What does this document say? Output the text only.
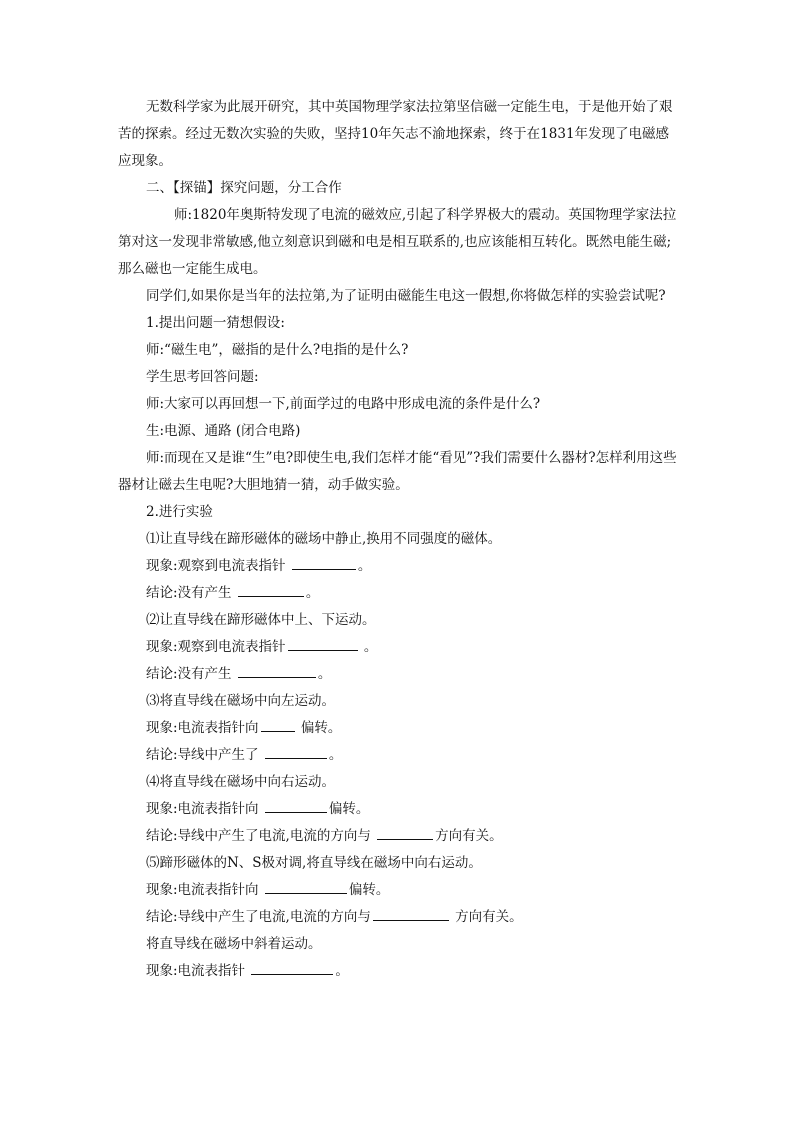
无数科学家为此展开研究，其中英国物理学家法拉第坚信磁一定能生电，于是他开始了艰苦的探索。经过无数次实验的失败，坚持10年矢志不渝地探索，终于在1831年发现了电磁感应现象。

二、【探锚】探究问题，分工合作

师:1820年奥斯特发现了电流的磁效应,引起了科学界极大的震动。英国物理学家法拉第对这一发现非常敏感,他立刻意识到磁和电是相互联系的,也应该能相互转化。既然电能生磁;那么磁也一定能生成电。

同学们,如果你是当年的法拉第,为了证明由磁能生电这一假想,你将做怎样的实验尝试呢?

1.提出问题一猜想假设:

师:“磁生电”，磁指的是什么?电指的是什么?

学生思考回答问题:

师:大家可以再回想一下,前面学过的电路中形成电流的条件是什么?

生:电源、通路 (闭合电路)

师:而现在又是谁“生”电?即使生电,我们怎样才能“看见”?我们需要什么器材?怎样利用这些器材让磁去生电呢?大胆地猜一猜，动手做实验。

2.进行实验

⑴让直导线在蹄形磁体的磁场中静止,换用不同强度的磁体。

现象:观察到电流表指针	。

结论:没有产生	。

⑵让直导线在蹄形磁体中上、下运动。

现象:观察到电流表指针	。

结论:没有产生	。

⑶将直导线在磁场中向左运动。

现象:电流表指针向	偏转。

结论:导线中产生了	。

⑷将直导线在磁场中向右运动。

现象:电流表指针向	偏转。

结论:导线中产生了电流,电流的方向与	方向有关。

⑸蹄形磁体的N、S极对调,将直导线在磁场中向右运动。

现象:电流表指针向	偏转。

结论:导线中产生了电流,电流的方向与	方向有关。

将直导线在磁场中斜着运动。

现象:电流表指针	。
